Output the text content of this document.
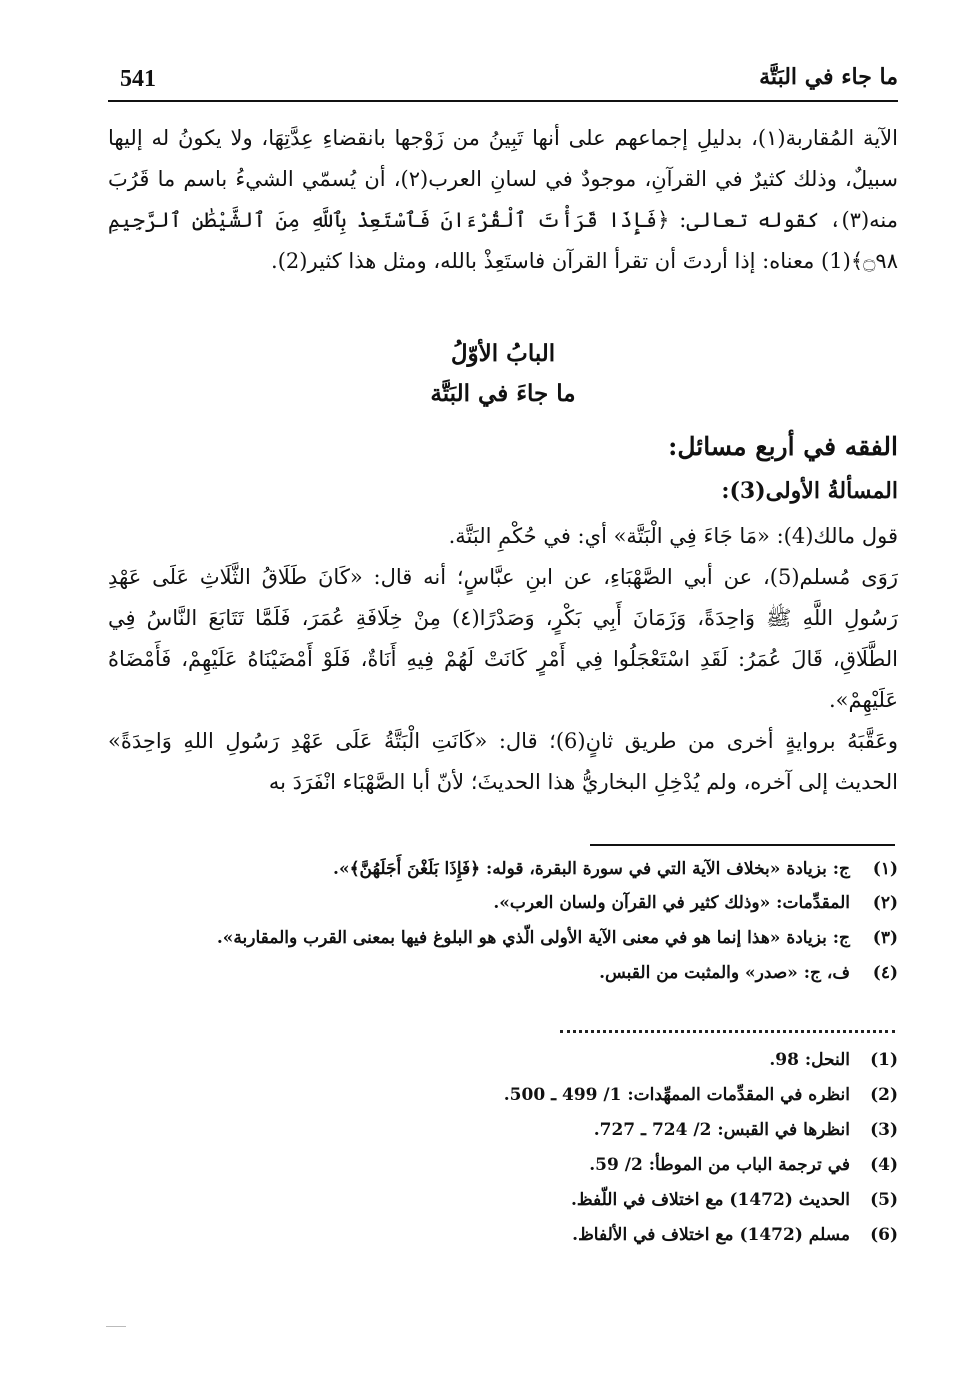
541	ما جاء في البَتَّة
الآية المُقاربة(١)، بدليلِ إجماعهم على أنها تَبِينُ من زَوْجها بانقضاءِ عِدَّتِهَا، ولا يكونُ له إليها سبيلٌ، وذلك كثيرٌ في القرآنِ، موجودٌ في لسانِ العرب(٢)، أن يُسمّي الشيءُ باسم ما قَرُبَ منه(٣)، كقوله تعالى: ﴿فَإِذَا قَرَأْتَ ٱلْقُرْءَانَ فَٱسْتَعِذْ بِٱللَّهِ مِنَ ٱلشَّيْطَٰنِ ٱلرَّجِيمِ ۝٩٨﴾(1) معناه: إذا أردتَ أن تقرأ القرآن فاستَعِذْ بالله، ومثل هذا كثير(2).
البابُ الأوّلُ
ما جاءَ في البَتَّة
الفقه في أربع مسائل:
المسألةُ الأولى(3):
قول مالك(4): «مَا جَاءَ فِي الْبَتَّة» أي: في حُكْمِ البَتَّة.
رَوَى مُسلم(5)، عن أبي الصَّهْبَاءِ، عن ابنِ عبَّاسٍ؛ أنه قال: «كَانَ طَلَاقُ الثَّلَاثِ عَلَى عَهْدِ رَسُولِ اللَّهِ ﷺ وَاحِدَةً، وَزَمَانَ أَبِي بَكْرٍ، وَصَدْرًا(٤) مِنْ خِلَافَةِ عُمَرَ، فَلَمَّا تَتَابَعَ النَّاسُ فِي الطَّلَاقِ، قَالَ عُمَرُ: لَقَدِ اسْتَعْجَلُوا فِي أَمْرٍ كَانَتْ لَهُمْ فِيهِ أَنَاةٌ، فَلَوْ أَمْضَيْنَاهُ عَلَيْهِمْ، فَأَمْضَاهُ عَلَيْهِمْ».
وعَقَّبَهُ بروايةٍ أخرى من طريق ثانٍ(6)؛ قال: «كَانَتِ الْبَتَّةُ عَلَى عَهْدِ رَسُولِ اللهِ وَاحِدَةً» الحديث إلى آخره، ولم يُدْخِلِ البخاريُّ هذا الحديثَ؛ لأنّ أبا الصَّهْبَاء انْفَرَدَ به
(١)
ج: بزيادة «بخلاف الآية التي في سورة البقرة، قوله: ﴿فَإِذَا بَلَغْنَ أَجَلَهُنَّ﴾».
(٢)
المقدِّمات: «وذلك كثير في القرآن ولسان العرب».
(٣)
ج: بزيادة «هذا إنما هو في معنى الآية الأولى الّذي هو البلوغ فيها بمعنى القرب والمقاربة».
(٤)
ف، ج: «صدر» والمثبت من القبس.
(1)
النحل: 98.
(2)
انظره في المقدِّمات الممهِّدات: 1/ 499 ـ 500.
(3)
انظرها في القبس: 2/ 724 ـ 727.
(4)
في ترجمة الباب من الموطأ: 2/ 59.
(5)
الحديث (1472) مع اختلاف في اللّفظ.
(6)
مسلم (1472) مع اختلاف في الألفاظ.
